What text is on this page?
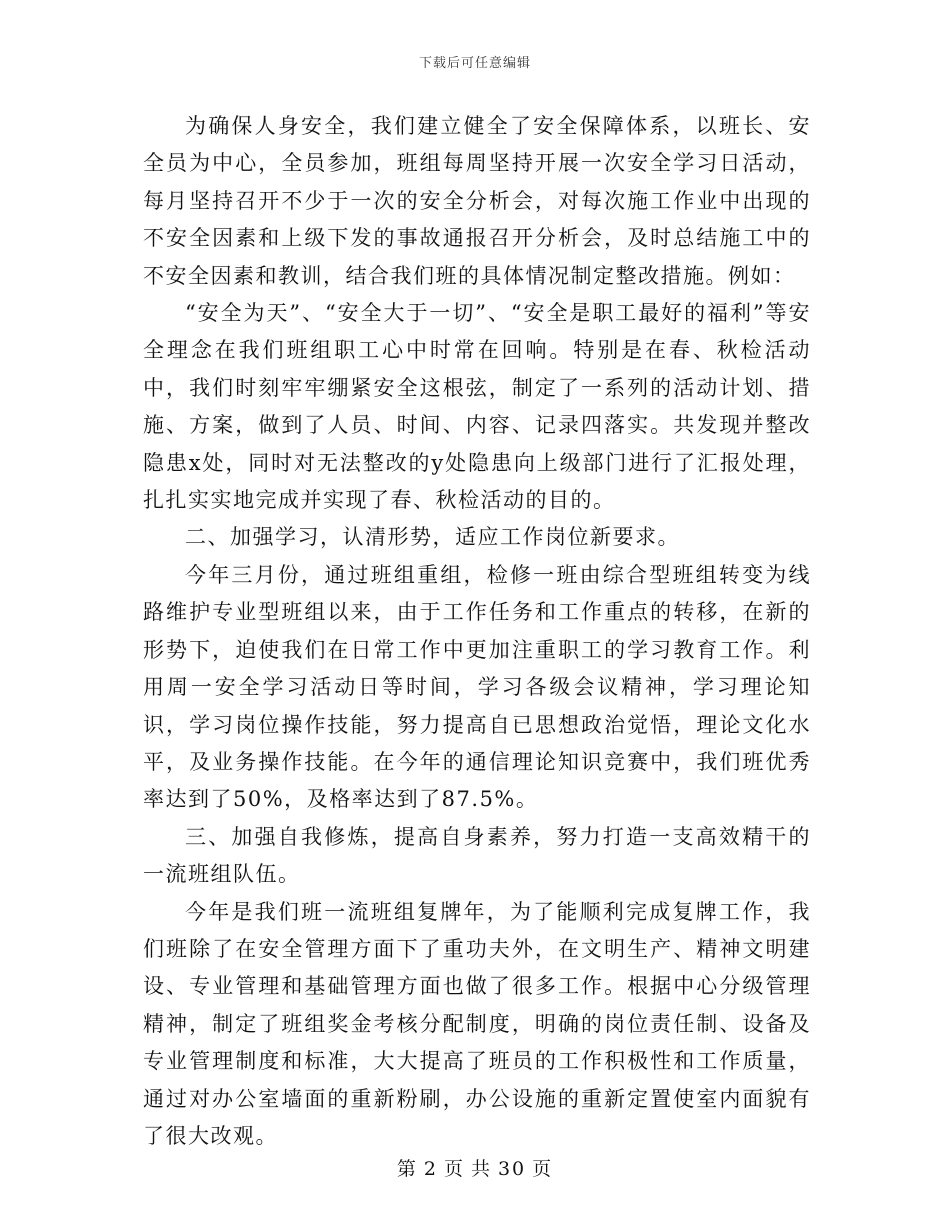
下载后可任意编辑

为确保人身安全，我们建立健全了安全保障体系，以班长、安全员为中心，全员参加，班组每周坚持开展一次安全学习日活动，每月坚持召开不少于一次的安全分析会，对每次施工作业中出现的不安全因素和上级下发的事故通报召开分析会，及时总结施工中的不安全因素和教训，结合我们班的具体情况制定整改措施。例如：

“安全为天”、“安全大于一切”、“安全是职工最好的福利”等安全理念在我们班组职工心中时常在回响。特别是在春、秋检活动中，我们时刻牢牢绷紧安全这根弦，制定了一系列的活动计划、措施、方案，做到了人员、时间、内容、记录四落实。共发现并整改隐患x处，同时对无法整改的y处隐患向上级部门进行了汇报处理，扎扎实实地完成并实现了春、秋检活动的目的。

二、加强学习，认清形势，适应工作岗位新要求。

今年三月份，通过班组重组，检修一班由综合型班组转变为线路维护专业型班组以来，由于工作任务和工作重点的转移，在新的形势下，迫使我们在日常工作中更加注重职工的学习教育工作。利用周一安全学习活动日等时间，学习各级会议精神，学习理论知识，学习岗位操作技能，努力提高自已思想政治觉悟，理论文化水平，及业务操作技能。在今年的通信理论知识竞赛中，我们班优秀率达到了50%，及格率达到了87.5%。

三、加强自我修炼，提高自身素养，努力打造一支高效精干的一流班组队伍。

今年是我们班一流班组复牌年，为了能顺利完成复牌工作，我们班除了在安全管理方面下了重功夫外，在文明生产、精神文明建设、专业管理和基础管理方面也做了很多工作。根据中心分级管理精神，制定了班组奖金考核分配制度，明确的岗位责任制、设备及专业管理制度和标准，大大提高了班员的工作积极性和工作质量，通过对办公室墙面的重新粉刷，办公设施的重新定置使室内面貌有了很大改观。

第 2 页 共 30 页
